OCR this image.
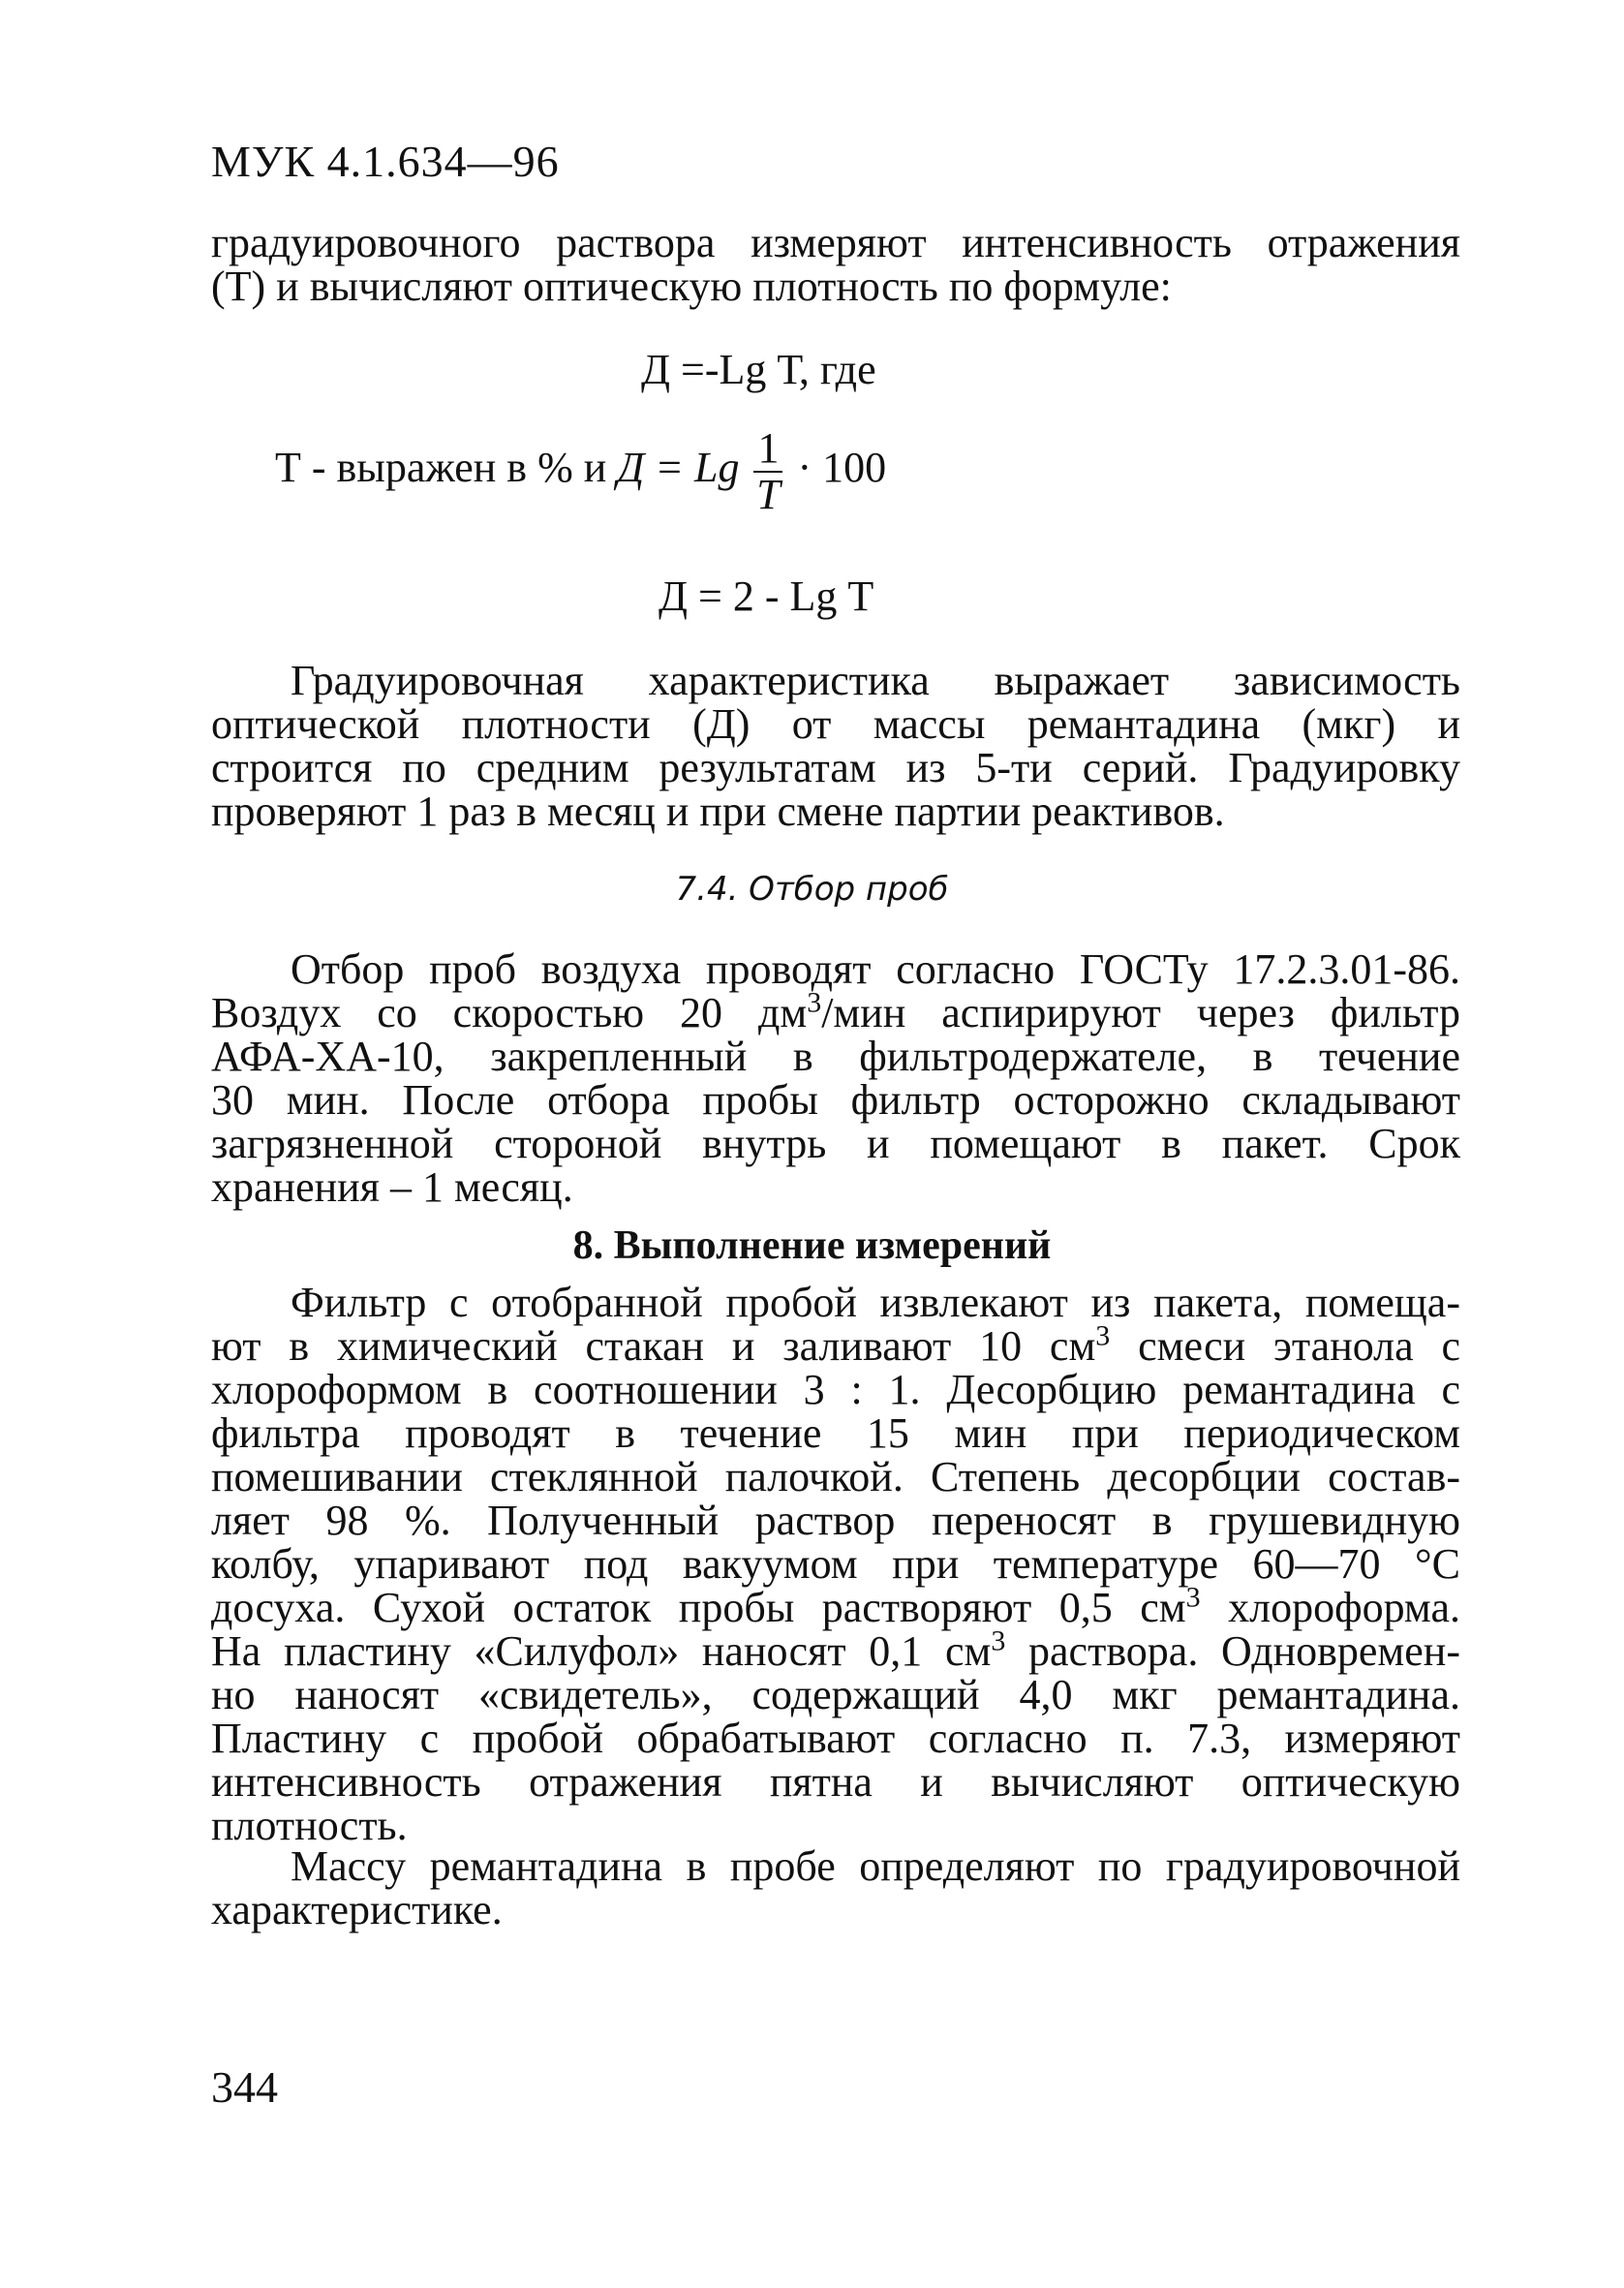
МУК 4.1.634—96
градуировочного раствора измеряют интенсивность отражения
(Т) и вычисляют оптическую плотность по формуле:
Д =-Lg Т, где
Т - выражен в % и Д = Lg $\frac{1}{T} \cdot 100$
Д = 2 - Lg Т
Градуировочная характеристика выражает зависимость
оптической плотности (Д) от массы ремантадина (мкг) и
строится по средним результатам из 5-ти серий. Градуировку
проверяют 1 раз в месяц и при смене партии реактивов.
7.4. Отбор проб
Отбор проб воздуха проводят согласно ГОСТу 17.2.3.01-86.
Воздух со скоростью 20 $дм^3$/мин аспирируют через фильтр
АФА-ХА-10, закрепленный в фильтродержателе, в течение
30 мин. После отбора пробы фильтр осторожно складывают
загрязненной стороной внутрь и помещают в пакет. Срок
хранения – 1 месяц.
8. Выполнение измерений
Фильтр с отобранной пробой извлекают из пакета, помеща-
ют в химический стакан и заливают 10 $см^3$ смеси этанола с
хлороформом в соотношении 3 : 1. Десорбцию ремантадина с
фильтра проводят в течение 15 мин при периодическом
помешивании стеклянной палочкой. Степень десорбции состав-
ляет 98 %. Полученный раствор переносят в грушевидную
колбу, упаривают под вакуумом при температуре 60—70 °С
досуха. Сухой остаток пробы растворяют 0,5 $см^3$ хлороформа.
На пластину «Силуфол» наносят 0,1 $см^3$ раствора. Одновремен-
но наносят «свидетель», содержащий 4,0 мкг ремантадина.
Пластину с пробой обрабатывают согласно п. 7.3, измеряют
интенсивность отражения пятна и вычисляют оптическую
плотность.
Массу ремантадина в пробе определяют по градуировочной
характеристике.
344
